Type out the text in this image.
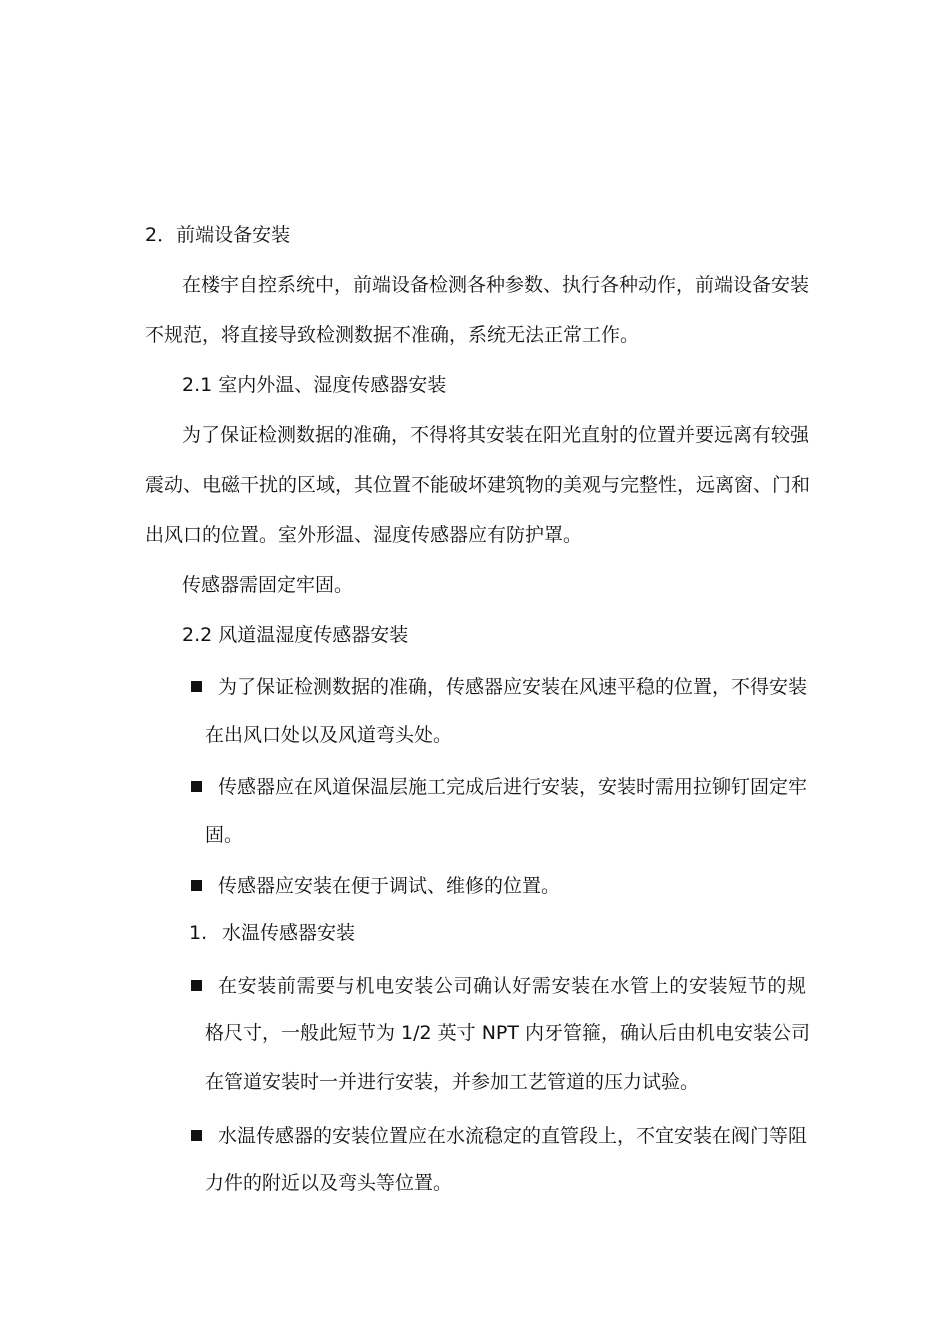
2．前端设备安装
在楼宇自控系统中，前端设备检测各种参数、执行各种动作，前端设备安装
不规范，将直接导致检测数据不准确，系统无法正常工作。
2.1 室内外温、湿度传感器安装
为了保证检测数据的准确，不得将其安装在阳光直射的位置并要远离有较强
震动、电磁干扰的区域，其位置不能破坏建筑物的美观与完整性，远离窗、门和
出风口的位置。室外形温、湿度传感器应有防护罩。
传感器需固定牢固。
2.2 风道温湿度传感器安装
为了保证检测数据的准确，传感器应安装在风速平稳的位置，不得安装
在出风口处以及风道弯头处。
传感器应在风道保温层施工完成后进行安装，安装时需用拉铆钉固定牢
固。
传感器应安装在便于调试、维修的位置。
1. 水温传感器安装
在安装前需要与机电安装公司确认好需安装在水管上的安装短节的规
格尺寸，一般此短节为 1/2 英寸 NPT 内牙管箍，确认后由机电安装公司
在管道安装时一并进行安装，并参加工艺管道的压力试验。
水温传感器的安装位置应在水流稳定的直管段上，不宜安装在阀门等阻
力件的附近以及弯头等位置。
